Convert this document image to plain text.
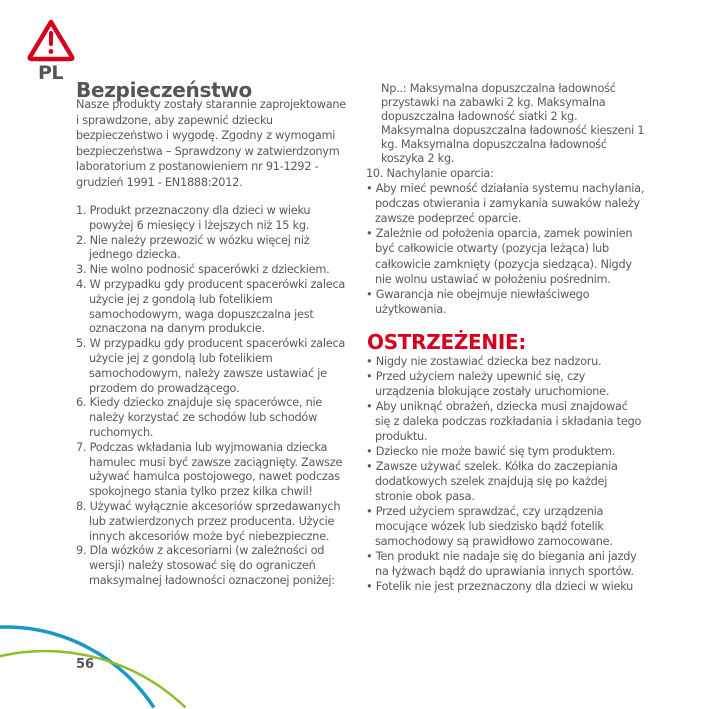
PL
Bezpieczeństwo
OSTRZEŻENIE:
56
Nasze produkty zostały starannie zaprojektowane
i sprawdzone, aby zapewnić dziecku
bezpieczeństwo i wygodę. Zgodny z wymogami
bezpieczeństwa – Sprawdzony w zatwierdzonym
laboratorium z postanowieniem nr 91-1292 -
grudzień 1991 - EN1888:2012.
1. Produkt przeznaczony dla dzieci w wieku
powyżej 6 miesięcy i lżejszych niż 15 kg.
2. Nie należy przewozić w wózku więcej niż
jednego dziecka.
3. Nie wolno podnosić spacerówki z dzieckiem.
4. W przypadku gdy producent spacerówki zaleca
użycie jej z gondolą lub fotelikiem
samochodowym, waga dopuszczalna jest
oznaczona na danym produkcie.
5. W przypadku gdy producent spacerówki zaleca
użycie jej z gondolą lub fotelikiem
samochodowym, należy zawsze ustawiać je
przodem do prowadzącego.
6. Kiedy dziecko znajduje się spacerówce, nie
należy korzystać ze schodów lub schodów
ruchomych.
7. Podczas wkładania lub wyjmowania dziecka
hamulec musi być zawsze zaciągnięty. Zawsze
używać hamulca postojowego, nawet podczas
spokojnego stania tylko przez kilka chwil!
8. Używać wyłącznie akcesoriów sprzedawanych
lub zatwierdzonych przez producenta. Użycie
innych akcesoriów może być niebezpieczne.
9. Dla wózków z akcesoriami (w zależności od
wersji) należy stosować się do ograniczeń
maksymalnej ładowności oznaczonej poniżej:
Np..: Maksymalna dopuszczalna ładowność
przystawki na zabawki 2 kg. Maksymalna
dopuszczalna ładowność siatki 2 kg.
Maksymalna dopuszczalna ładowność kieszeni 1
kg. Maksymalna dopuszczalna ładowność
koszyka 2 kg.
10. Nachylanie oparcia:
• Aby mieć pewność działania systemu nachylania,
podczas otwierania i zamykania suwaków należy
zawsze podeprzeć oparcie.
• Zależnie od położenia oparcia, zamek powinien
być całkowicie otwarty (pozycja leżąca) lub
całkowicie zamknięty (pozycja siedząca). Nigdy
nie wolnu ustawiać w położeniu pośrednim.
• Gwarancja nie obejmuje niewłaściwego
użytkowania.
• Nigdy nie zostawiać dziecka bez nadzoru.
• Przed użyciem należy upewnić się, czy
urządzenia blokujące zostały uruchomione.
• Aby uniknąć obrażeń, dziecka musi znajdować
się z daleka podczas rozkładania i składania tego
produktu.
• Dziecko nie może bawić się tym produktem.
• Zawsze używać szelek. Kółka do zaczepiania
dodatkowych szelek znajdują się po każdej
stronie obok pasa.
• Przed użyciem sprawdzać, czy urządzenia
mocujące wózek lub siedzisko bądź fotelik
samochodowy są prawidłowo zamocowane.
• Ten produkt nie nadaje się do biegania ani jazdy
na łyżwach bądź do uprawiania innych sportów.
• Fotelik nie jest przeznaczony dla dzieci w wieku
